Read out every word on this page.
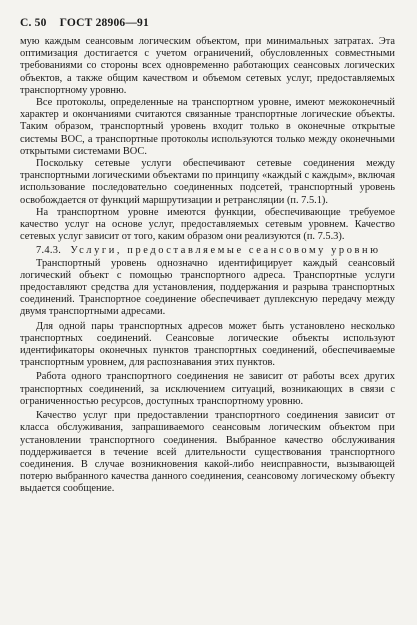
С. 50 ГОСТ 28906—91

мую каждым сеансовым логическим объектом, при минимальных затратах. Эта оптимизация достигается с учетом ограничений, обусловленных совместными требованиями со стороны всех одновременно работающих сеансовых логических объектов, а также общим качеством и объемом сетевых услуг, предоставляемых транспортному уровню.

Все протоколы, определенные на транспортном уровне, имеют межоконечный характер и окончаниями считаются связанные транспортные логические объекты. Таким образом, транспортный уровень входит только в оконечные открытые системы ВОС, а транспортные протоколы используются только между оконечными открытыми системами ВОС.

Поскольку сетевые услуги обеспечивают сетевые соединения между транспортными логическими объектами по принципу «каждый с каждым», включая использование последовательно соединенных подсетей, транспортный уровень освобождается от функций маршрутизации и ретрансляции (п. 7.5.1).

На транспортном уровне имеются функции, обеспечивающие требуемое качество услуг на основе услуг, предоставляемых сетевым уровнем. Качество сетевых услуг зависит от того, каким образом они реализуются (п. 7.5.3).

7.4.3. Услуги, предоставляемые сеансовому уровню

Транспортный уровень однозначно идентифицирует каждый сеансовый логический объект с помощью транспортного адреса. Транспортные услуги предоставляют средства для установления, поддержания и разрыва транспортных соединений. Транспортное соединение обеспечивает дуплексную передачу между двумя транспортными адресами.

Для одной пары транспортных адресов может быть установлено несколько транспортных соединений. Сеансовые логические объекты используют идентификаторы оконечных пунктов транспортных соединений, обеспечиваемые транспортным уровнем, для распознавания этих пунктов.

Работа одного транспортного соединения не зависит от работы всех других транспортных соединений, за исключением ситуаций, возникающих в связи с ограниченностью ресурсов, доступных транспортному уровню.

Качество услуг при предоставлении транспортного соединения зависит от класса обслуживания, запрашиваемого сеансовым логическим объектом при установлении транспортного соединения. Выбранное качество обслуживания поддерживается в течение всей длительности существования транспортного соединения. В случае возникновения какой-либо неисправности, вызывающей потерю выбранного качества данного соединения, сеансовому логическому объекту выдается сообщение.
